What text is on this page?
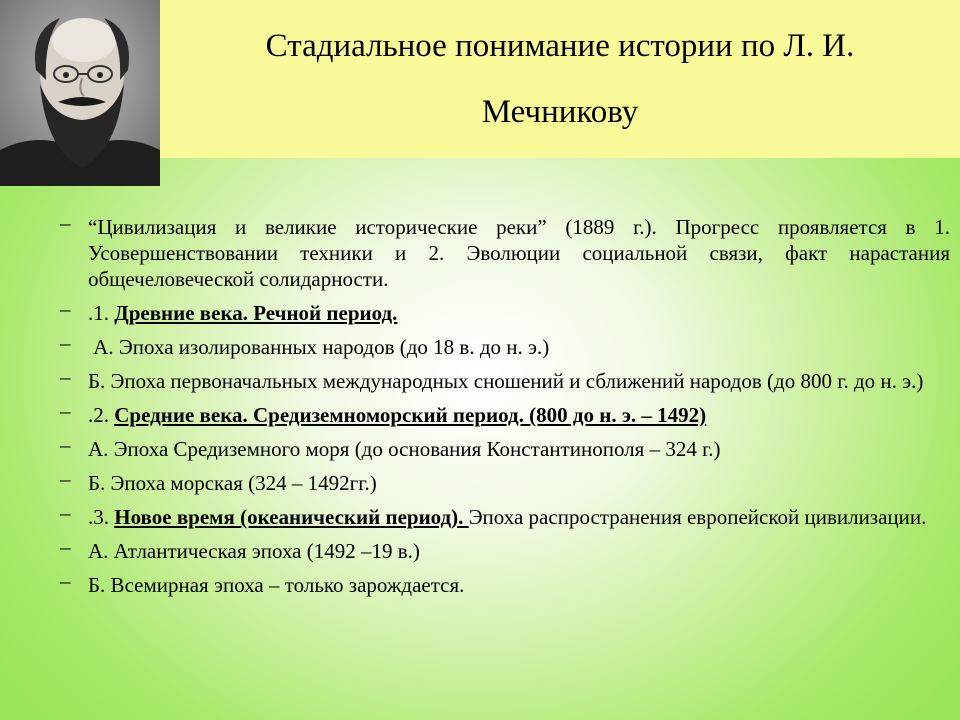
Стадиальное понимание истории по Л. И.
Мечникову
– “Цивилизация и великие исторические реки” (1889 г.). Прогресс проявляется в 1. Усовершенствовании техники и 2. Эволюции социальной связи, факт нарастания общечеловеческой солидарности.
– .1. Древние века. Речной период.
– А. Эпоха изолированных народов (до 18 в. до н. э.)
– Б. Эпоха первоначальных международных сношений и сближений народов (до 800 г. до н. э.)
– .2. Средние века. Средиземноморский период. (800 до н. э. – 1492)
– А. Эпоха Средиземного моря (до основания Константинополя – 324 г.)
– Б. Эпоха морская (324 – 1492гг.)
– .3. Новое время (океанический период). Эпоха распространения европейской цивилизации.
– А. Атлантическая эпоха (1492 –19 в.)
– Б. Всемирная эпоха – только зарождается.
